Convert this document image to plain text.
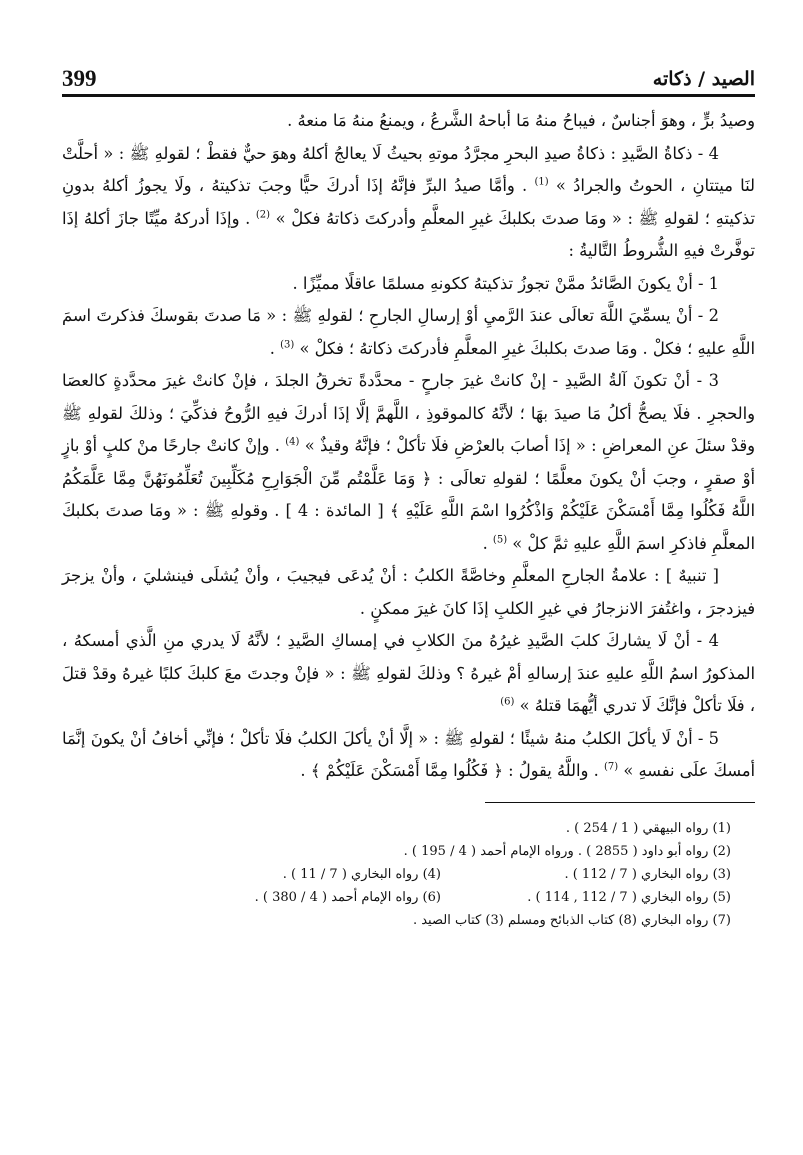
الصيد / ذكاته
399

وصيدُ برٍّ ، وهوَ أجناسٌ ، فيباحُ منهُ مَا أباحهُ الشَّرعُ ، ويمنعُ منهُ مَا منعهُ .

4 - ذكاةُ الصَّيدِ : ذكاةُ صيدِ البحرِ مجرَّدُ موتهِ بحيثُ لَا يعالجُ أكلهُ وهوَ حيٌّ فقطْ ؛ لقولهِ ﷺ : « أحلَّتْ لنَا ميتتانِ ، الحوتُ والجرادُ » $^{(1)}$ . وأمَّا صيدُ البرِّ فإنَّهُ إذَا أدركَ حيًّا وجبَ تذكيتهُ ، ولَا يجوزُ أكلهُ بدونِ تذكيتهِ ؛ لقولهِ ﷺ : « ومَا صدتَ بكلبكَ غيرِ المعلَّمِ وأدركتَ ذكاتهُ فكلْ » $^{(2)}$ . وإذَا أدركهُ ميِّتًا جازَ أكلهُ إذَا توفَّرتْ فيهِ الشُّروطُ التَّاليةُ :

1 - أنْ يكونَ الصَّائدُ ممَّنْ تجوزُ تذكيتهُ ككونهِ مسلمًا عاقلًا مميِّزًا .

2 - أنْ يسمِّيَ اللَّهَ تعالَى عندَ الرَّميِ أوْ إرسالِ الجارحِ ؛ لقولهِ ﷺ : « مَا صدتَ بقوسكَ فذكرتَ اسمَ اللَّهِ عليهِ ؛ فكلْ . ومَا صدتَ بكلبكَ غيرِ المعلَّمِ فأدركتَ ذكاتهُ ؛ فكلْ » $^{(3)}$ .

3 - أنْ تكونَ آلةُ الصَّيدِ - إنْ كانتْ غيرَ جارحٍ - محدَّدةً تخرقُ الجلدَ ، فإنْ كانتْ غيرَ محدَّدةٍ كالعصَا والحجرِ . فلَا يصحُّ أكلُ مَا صيدَ بهَا ؛ لأنَّهُ كالموقوذِ ، اللَّهمَّ إلَّا إذَا أدركَ فيهِ الرُّوحُ فذكِّيَ ؛ وذلكَ لقولهِ ﷺ وقدْ سئلَ عنِ المعراضِ : « إذَا أصابَ بالعرْضِ فلَا تأكلْ ؛ فإنَّهُ وقيذٌ » $^{(4)}$ . وإنْ كانتْ جارحًا منْ كلبٍ أوْ بازٍ أوْ صقرٍ ، وجبَ أنْ يكونَ معلَّمًا ؛ لقولهِ تعالَى : ﴿ وَمَا عَلَّمْتُم مِّنَ الْجَوَارِحِ مُكَلِّبِينَ تُعَلِّمُونَهُنَّ مِمَّا عَلَّمَكُمُ اللَّهُ فَكُلُوا مِمَّا أَمْسَكْنَ عَلَيْكُمْ وَاذْكُرُوا اسْمَ اللَّهِ عَلَيْهِ ﴾ [ المائدة : 4 ] . وقولهِ ﷺ : « ومَا صدتَ بكلبكَ المعلَّمِ فاذكرِ اسمَ اللَّهِ عليهِ ثمَّ كلْ » $^{(5)}$ .

[ تنبيهٌ ] : علامةُ الجارحِ المعلَّمِ وخاصَّةً الكلبُ : أنْ يُدعَى فيجيبَ ، وأنْ يُشلَى فينشليَ ، وأنْ يزجرَ فيزدجرَ ، واغتُفرَ الانزجارُ في غيرِ الكلبِ إذَا كانَ غيرَ ممكنٍ .

4 - أنْ لَا يشاركَ كلبَ الصَّيدِ غيرُهُ منَ الكلابِ في إمساكِ الصَّيدِ ؛ لأنَّهُ لَا يدري منِ الَّذي أمسكهُ ، المذكورُ اسمُ اللَّهِ عليهِ عندَ إرسالهِ أمْ غيرهُ ؟ وذلكَ لقولهِ ﷺ : « فإنْ وجدتَ معَ كلبكَ كلبًا غيرهُ وقدْ قتلَ ، فلَا تأكلْ فإنَّكَ لَا تدري أيُّهمَا قتلهُ » $^{(6)}$

5 - أنْ لَا يأكلَ الكلبُ منهُ شيئًا ؛ لقولهِ ﷺ : « إلَّا أنْ يأكلَ الكلبُ فلَا تأكلْ ؛ فإنِّي أخافُ أنْ يكونَ إنَّمَا أمسكَ علَى نفسهِ » $^{(7)}$ . واللَّهُ يقولُ : ﴿ فَكُلُوا مِمَّا أَمْسَكْنَ عَلَيْكُمْ ﴾ .

(1) رواه البيهقي ( 1 / 254 ) .
(2) رواه أبو داود ( 2855 ) . ورواه الإمام أحمد ( 4 / 195 ) .
(3) رواه البخاري ( 7 / 112 ) .
(4) رواه البخاري ( 7 / 11 ) .
(5) رواه البخاري ( 7 / 112 , 114 ) .
(6) رواه الإمام أحمد ( 4 / 380 ) .
(7) رواه البخاري (8) كتاب الذبائح ومسلم (3) كتاب الصيد .
